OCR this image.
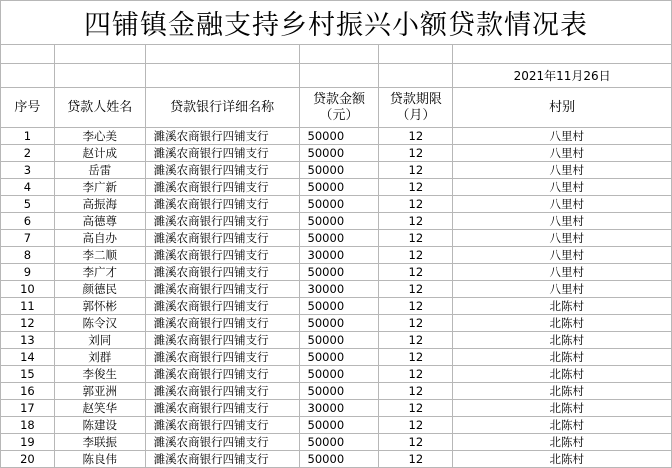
四铺镇金融支持乡村振兴小额贷款情况表					

					2021年11月26日
序号	贷款人姓名	贷款银行详细名称	贷款金额（元）	贷款期限（月）	村别
1	李心美	濉溪农商银行四铺支行	50000	12	八里村
2	赵计成	濉溪农商银行四铺支行	50000	12	八里村
3	岳雷	濉溪农商银行四铺支行	50000	12	八里村
4	李广新	濉溪农商银行四铺支行	50000	12	八里村
5	高振海	濉溪农商银行四铺支行	50000	12	八里村
6	高德尊	濉溪农商银行四铺支行	50000	12	八里村
7	高自办	濉溪农商银行四铺支行	50000	12	八里村
8	李二顺	濉溪农商银行四铺支行	30000	12	八里村
9	李广才	濉溪农商银行四铺支行	50000	12	八里村
10	颜德民	濉溪农商银行四铺支行	30000	12	八里村
11	郭怀彬	濉溪农商银行四铺支行	50000	12	北陈村
12	陈令汉	濉溪农商银行四铺支行	50000	12	北陈村
13	刘同	濉溪农商银行四铺支行	50000	12	北陈村
14	刘群	濉溪农商银行四铺支行	50000	12	北陈村
15	李俊生	濉溪农商银行四铺支行	50000	12	北陈村
16	郭亚洲	濉溪农商银行四铺支行	50000	12	北陈村
17	赵笑华	濉溪农商银行四铺支行	30000	12	北陈村
18	陈建设	濉溪农商银行四铺支行	50000	12	北陈村
19	李联振	濉溪农商银行四铺支行	50000	12	北陈村
20	陈良伟	濉溪农商银行四铺支行	50000	12	北陈村
